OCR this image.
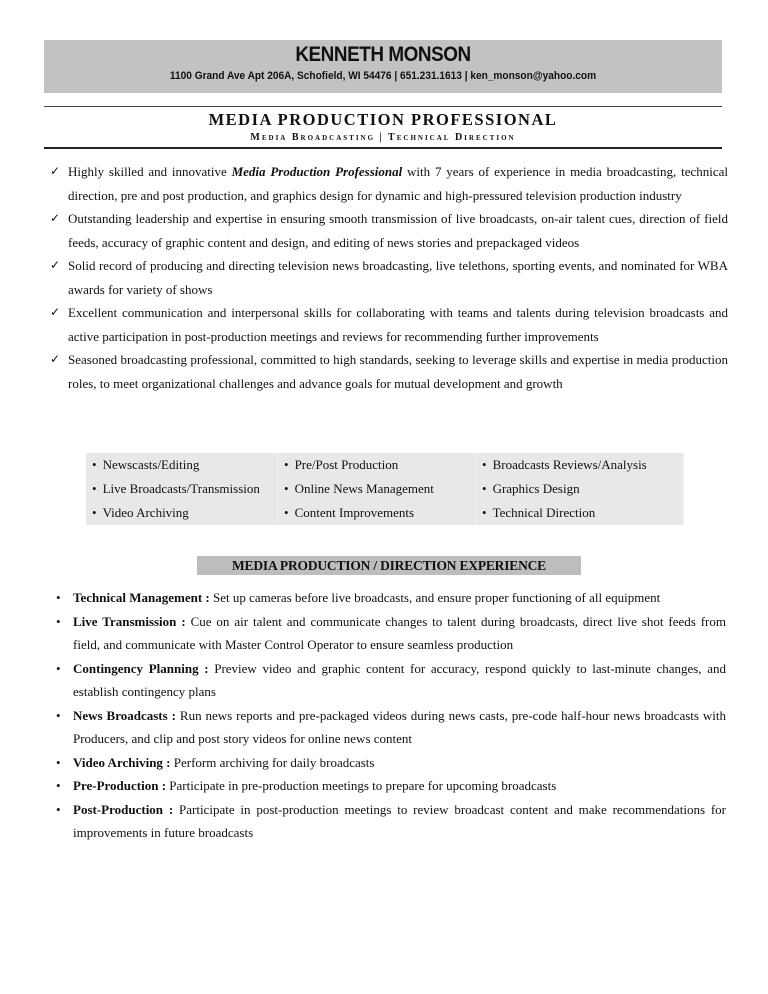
KENNETH MONSON
1100 Grand Ave Apt 206A, Schofield, WI 54476 | 651.231.1613 | ken_monson@yahoo.com
MEDIA PRODUCTION PROFESSIONAL
Media Broadcasting | Technical Direction
✓ Highly skilled and innovative Media Production Professional with 7 years of experience in media broadcasting, technical direction, pre and post production, and graphics design for dynamic and high-pressured television production industry
✓ Outstanding leadership and expertise in ensuring smooth transmission of live broadcasts, on-air talent cues, direction of field feeds, accuracy of graphic content and design, and editing of news stories and prepackaged videos
✓ Solid record of producing and directing television news broadcasting, live telethons, sporting events, and nominated for WBA awards for variety of shows
✓ Excellent communication and interpersonal skills for collaborating with teams and talents during television broadcasts and active participation in post-production meetings and reviews for recommending further improvements
✓ Seasoned broadcasting professional, committed to high standards, seeking to leverage skills and expertise in media production roles, to meet organizational challenges and advance goals for mutual development and growth
• Newscasts/Editing	• Pre/Post Production	• Broadcasts Reviews/Analysis
• Live Broadcasts/Transmission	• Online News Management	• Graphics Design
• Video Archiving	• Content Improvements	• Technical Direction
MEDIA PRODUCTION / DIRECTION EXPERIENCE
• Technical Management : Set up cameras before live broadcasts, and ensure proper functioning of all equipment
• Live Transmission : Cue on air talent and communicate changes to talent during broadcasts, direct live shot feeds from field, and communicate with Master Control Operator to ensure seamless production
• Contingency Planning : Preview video and graphic content for accuracy, respond quickly to last-minute changes, and establish contingency plans
• News Broadcasts : Run news reports and pre-packaged videos during news casts, pre-code half-hour news broadcasts with Producers, and clip and post story videos for online news content
• Video Archiving : Perform archiving for daily broadcasts
• Pre-Production : Participate in pre-production meetings to prepare for upcoming broadcasts
• Post-Production : Participate in post-production meetings to review broadcast content and make recommendations for improvements in future broadcasts
